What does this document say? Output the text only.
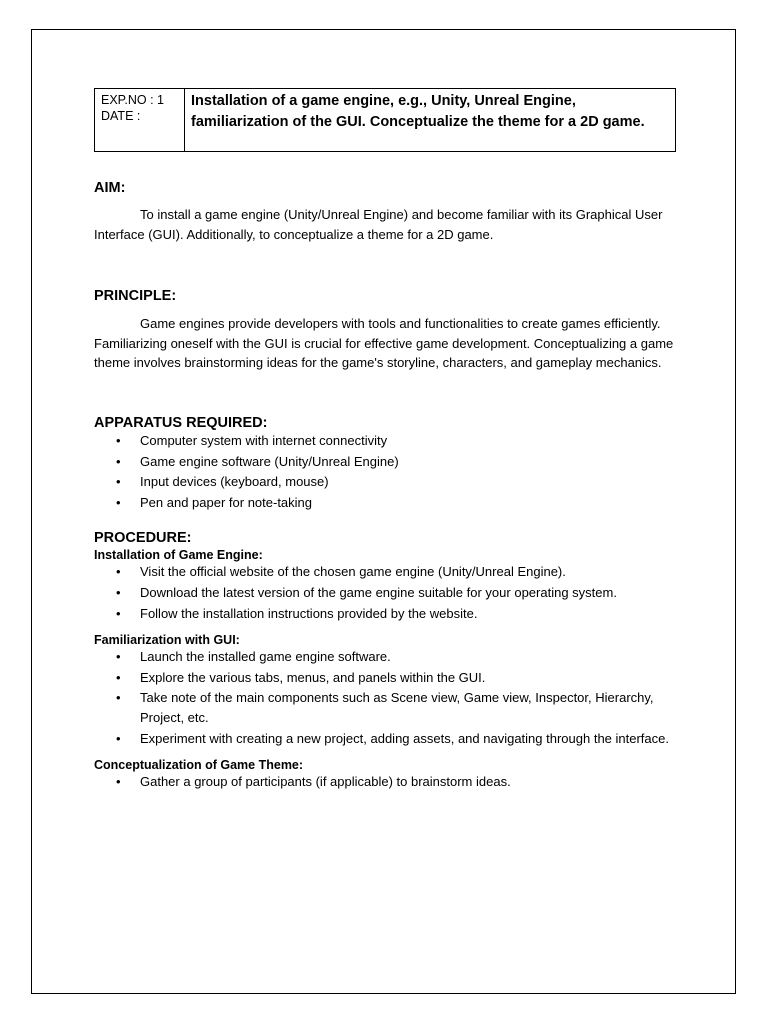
EXP.NO : 1
DATE :
Installation of a game engine, e.g., Unity, Unreal Engine, familiarization of the GUI. Conceptualize the theme for a 2D game.
AIM:

To install a game engine (Unity/Unreal Engine) and become familiar with its Graphical User Interface (GUI). Additionally, to conceptualize a theme for a 2D game.

PRINCIPLE:

Game engines provide developers with tools and functionalities to create games efficiently. Familiarizing oneself with the GUI is crucial for effective game development. Conceptualizing a game theme involves brainstorming ideas for the game's storyline, characters, and gameplay mechanics.

APPARATUS REQUIRED:
• Computer system with internet connectivity
• Game engine software (Unity/Unreal Engine)
• Input devices (keyboard, mouse)
• Pen and paper for note-taking
PROCEDURE:

Installation of Game Engine:

• Visit the official website of the chosen game engine (Unity/Unreal Engine).
• Download the latest version of the game engine suitable for your operating system.
• Follow the installation instructions provided by the website.

Familiarization with GUI:

• Launch the installed game engine software.
• Explore the various tabs, menus, and panels within the GUI.
• Take note of the main components such as Scene view, Game view, Inspector, Hierarchy, Project, etc.
• Experiment with creating a new project, adding assets, and navigating through the interface.

Conceptualization of Game Theme:

• Gather a group of participants (if applicable) to brainstorm ideas.
